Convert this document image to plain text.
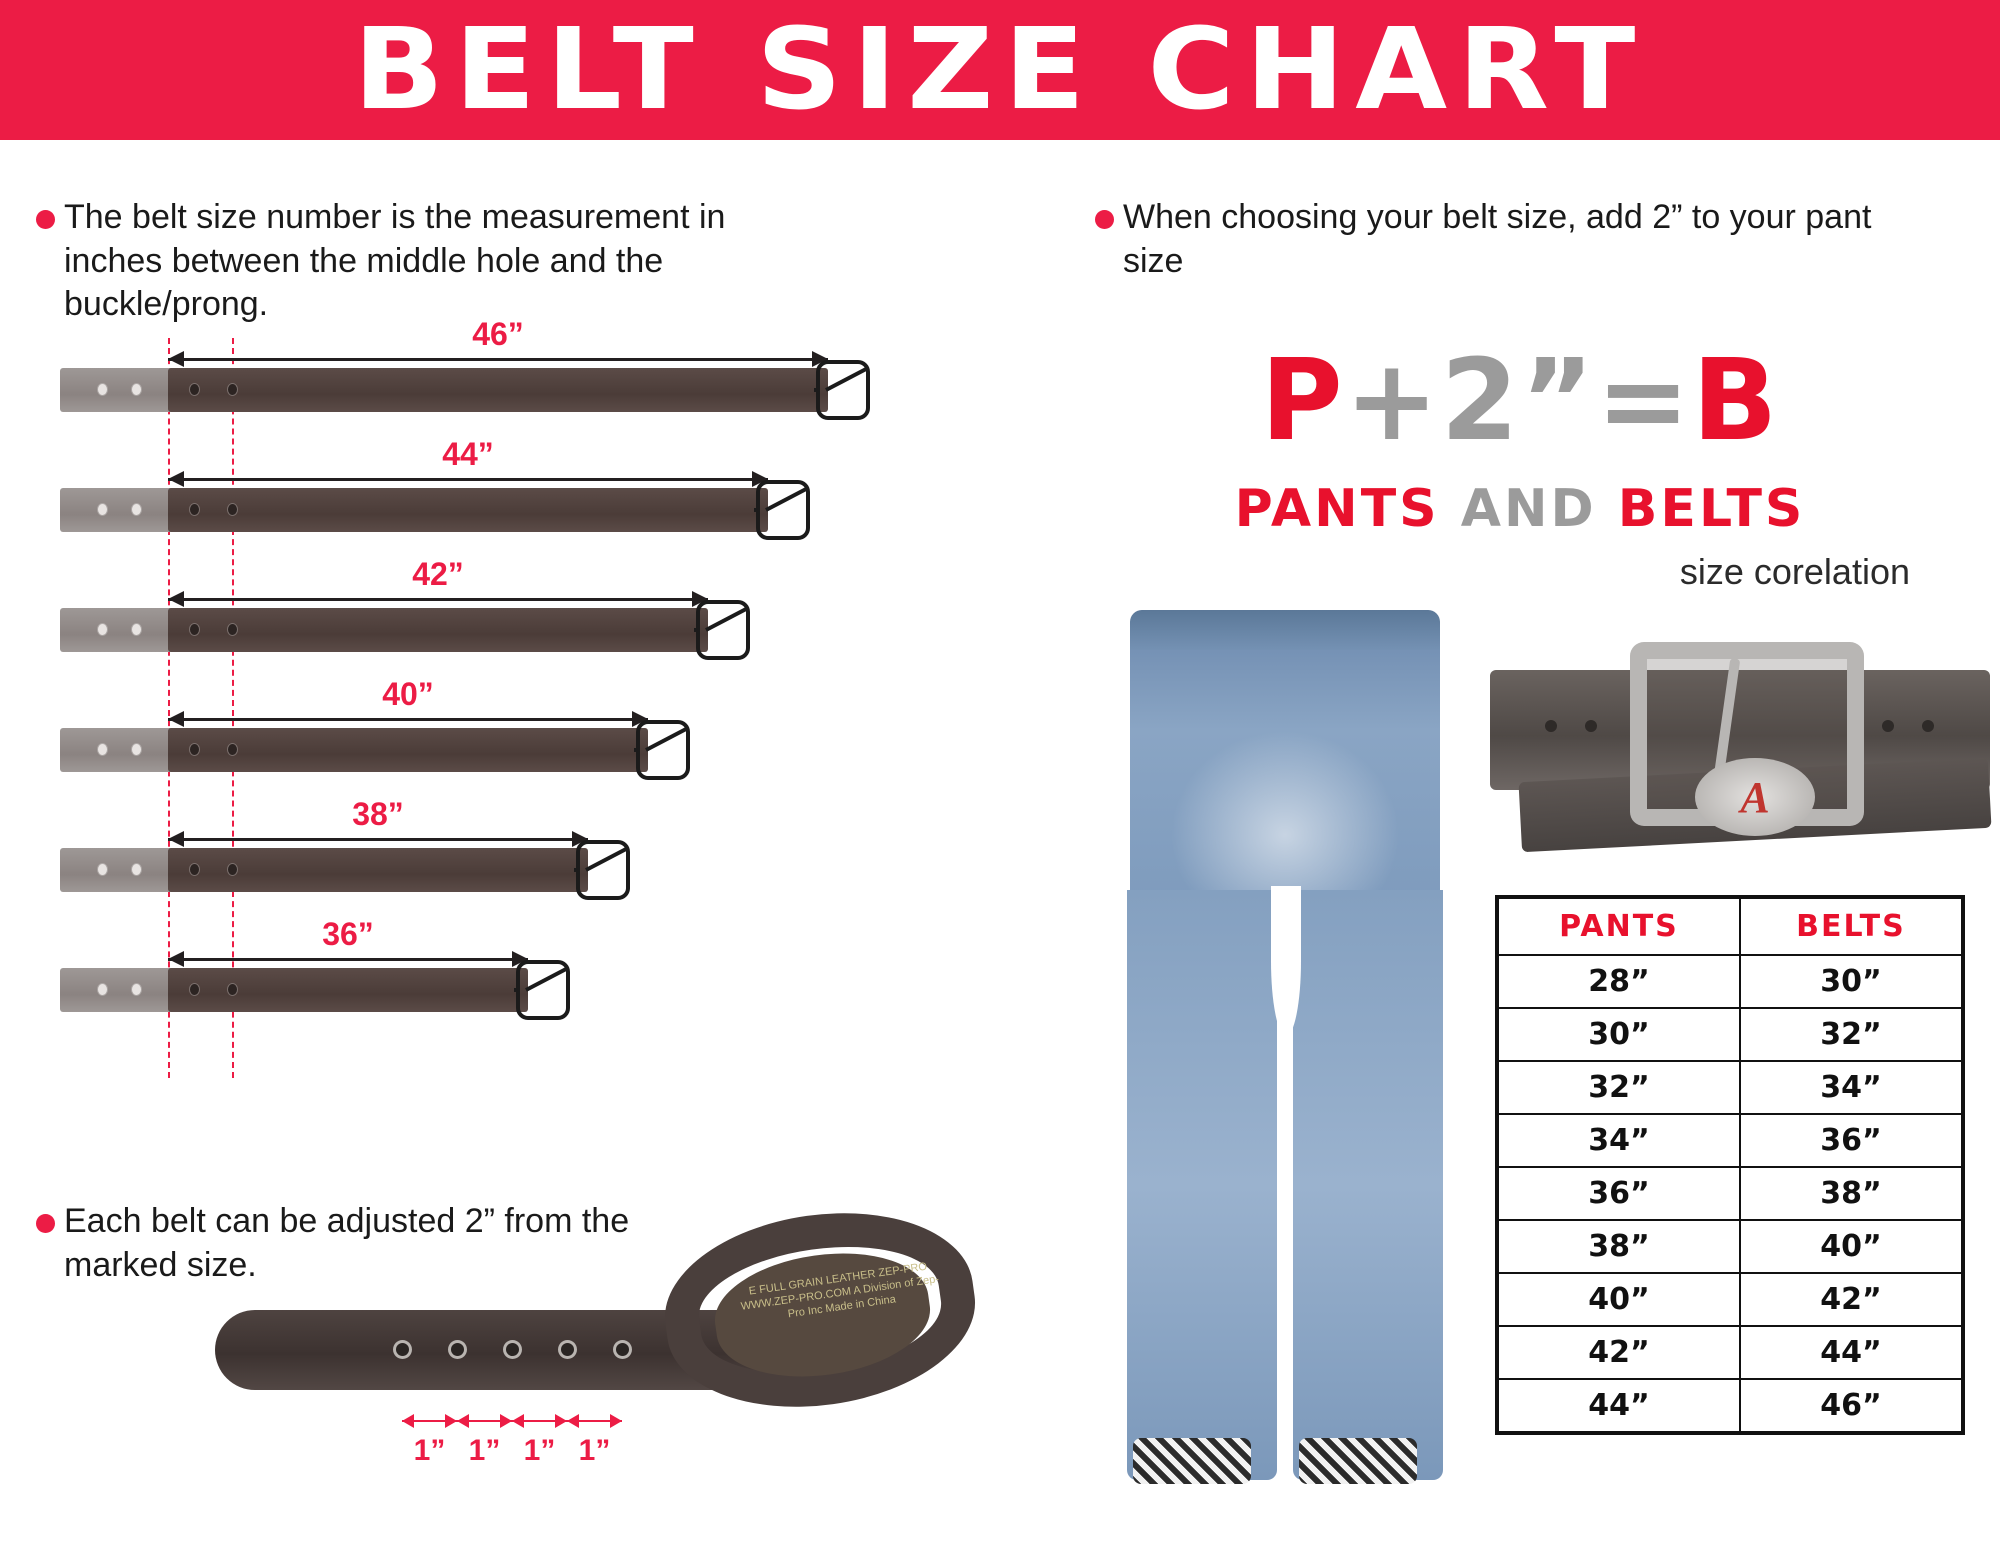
BELT SIZE CHART
The belt size number is the measurement in inches between the middle hole and the buckle/prong.
When choosing your belt size, add 2” to your pant size
Each belt can be adjusted 2” from the marked size.
46”
44”
42”
40”
38”
36”
E FULL GRAIN LEATHER ZEP-PRO WWW.ZEP-PRO.COM A Division of Zep-Pro Inc Made in China
1” 1” 1” 1”
P+2”=B
PANTS AND BELTS
size corelation
A
PANTS	BELTS
28”	30”
30”	32”
32”	34”
34”	36”
36”	38”
38”	40”
40”	42”
42”	44”
44”	46”
